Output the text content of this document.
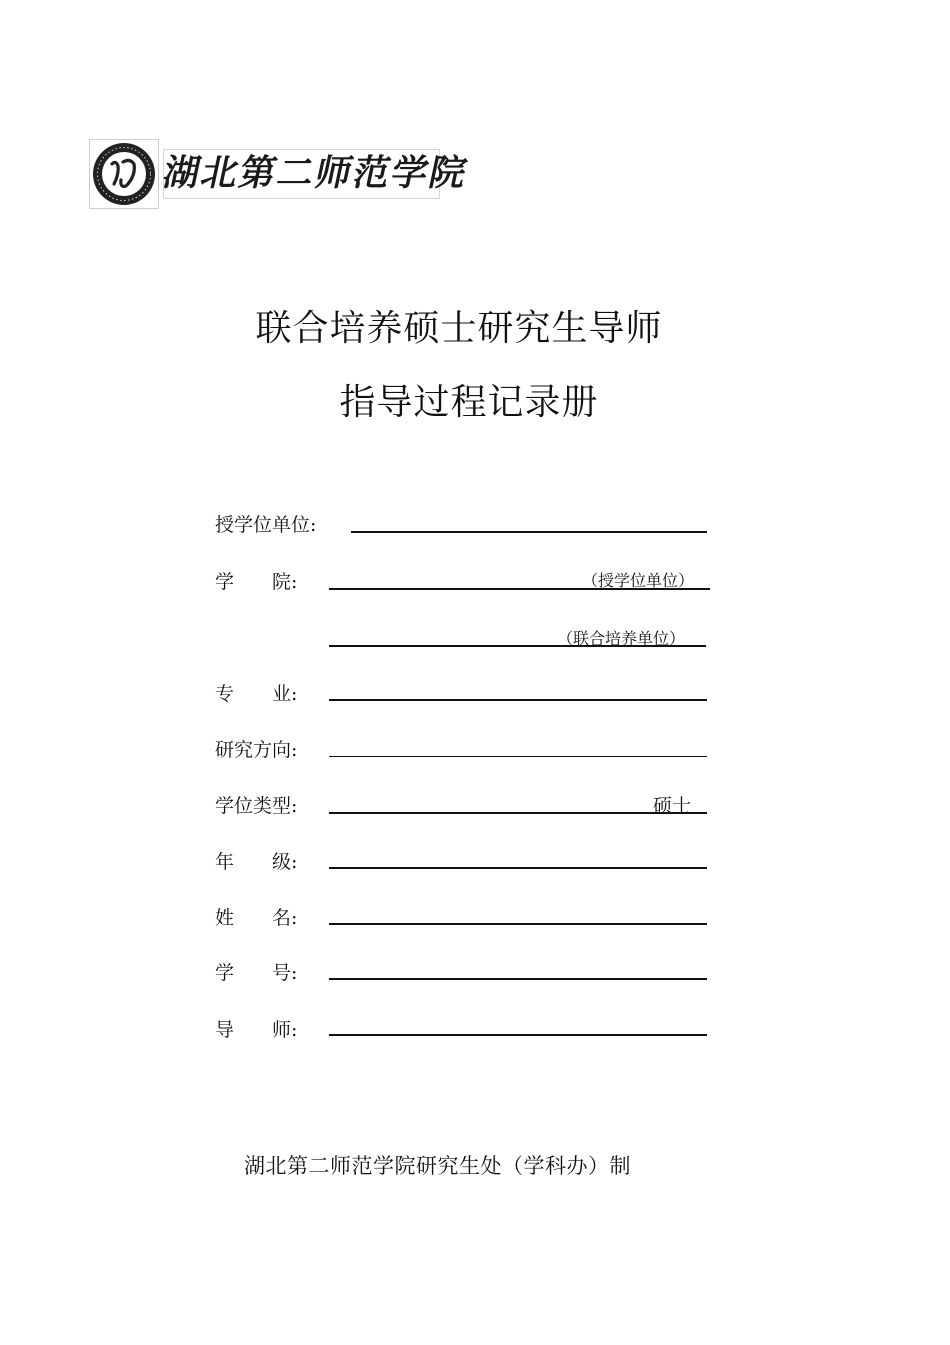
湖北第二师范学院
联合培养硕士研究生导师
指导过程记录册
授学位单位:
学　　院:	（授学位单位）
（联合培养单位）
专　　业:
研究方向:
学位类型:	硕士
年　　级:
姓　　名:
学　　号:
导　　师:
湖北第二师范学院研究生处（学科办）制
